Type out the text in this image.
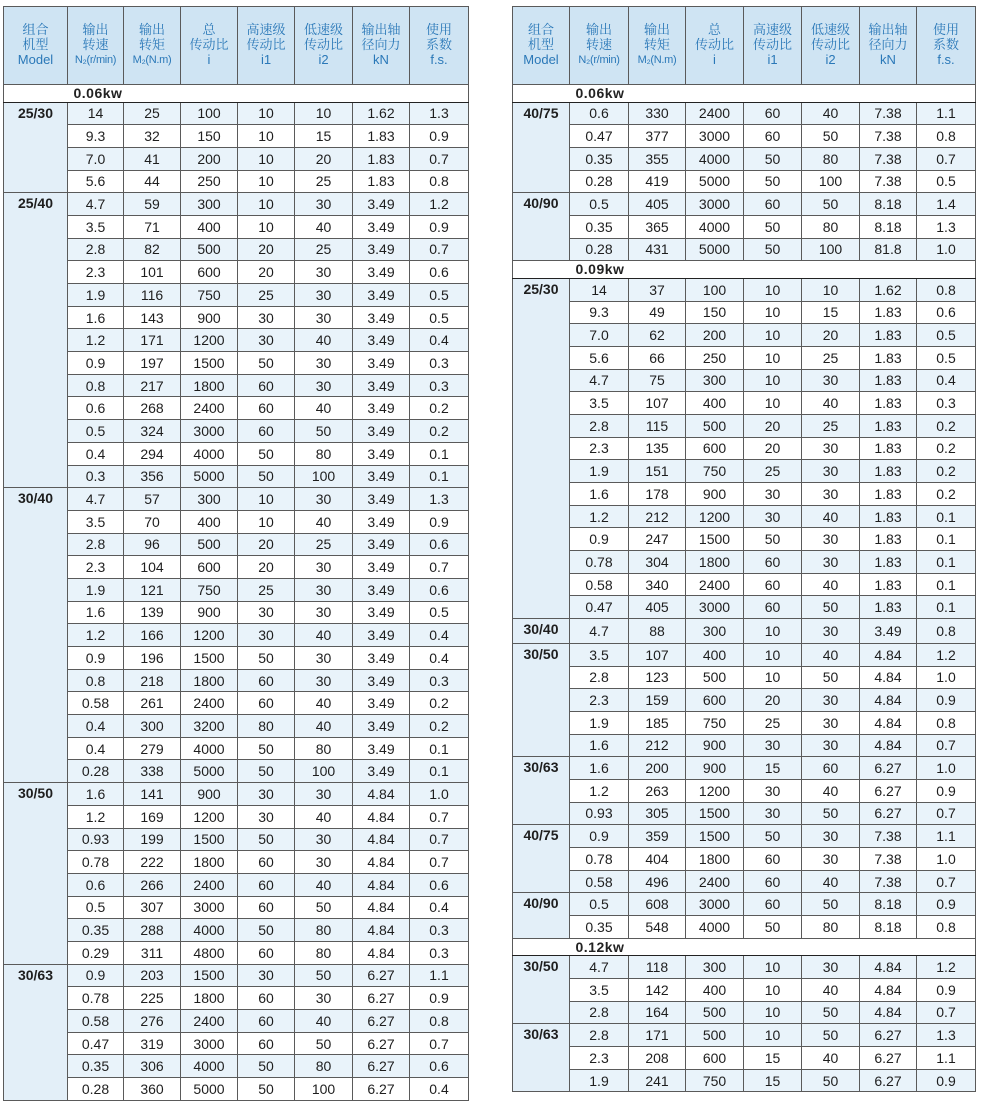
组合
机型
Model	输出
转速
N₂(r/min)	输出
转矩
M₂(N.m)	总
传动比
i	高速级
传动比
i1	低速级
传动比
i2	输出轴
径向力
kN	使用
系数
f.s.

	0.06kw						
25/30	14	25	100	10	10	1.62	1.3
	9.3	32	150	10	15	1.83	0.9
	7.0	41	200	10	20	1.83	0.7
	5.6	44	250	10	25	1.83	0.8
25/40	4.7	59	300	10	30	3.49	1.2
	3.5	71	400	10	40	3.49	0.9
	2.8	82	500	20	25	3.49	0.7
	2.3	101	600	20	30	3.49	0.6
	1.9	116	750	25	30	3.49	0.5
	1.6	143	900	30	30	3.49	0.5
	1.2	171	1200	30	40	3.49	0.4
	0.9	197	1500	50	30	3.49	0.3
	0.8	217	1800	60	30	3.49	0.3
	0.6	268	2400	60	40	3.49	0.2
	0.5	324	3000	60	50	3.49	0.2
	0.4	294	4000	50	80	3.49	0.1
	0.3	356	5000	50	100	3.49	0.1
30/40	4.7	57	300	10	30	3.49	1.3
	3.5	70	400	10	40	3.49	0.9
	2.8	96	500	20	25	3.49	0.6
	2.3	104	600	20	30	3.49	0.7
	1.9	121	750	25	30	3.49	0.6
	1.6	139	900	30	30	3.49	0.5
	1.2	166	1200	30	40	3.49	0.4
	0.9	196	1500	50	30	3.49	0.4
	0.8	218	1800	60	30	3.49	0.3
	0.58	261	2400	60	40	3.49	0.2
	0.4	300	3200	80	40	3.49	0.2
	0.4	279	4000	50	80	3.49	0.1
	0.28	338	5000	50	100	3.49	0.1
30/50	1.6	141	900	30	30	4.84	1.0
	1.2	169	1200	30	40	4.84	0.7
	0.93	199	1500	50	30	4.84	0.7
	0.78	222	1800	60	30	4.84	0.7
	0.6	266	2400	60	40	4.84	0.6
	0.5	307	3000	60	50	4.84	0.4
	0.35	288	4000	50	80	4.84	0.3
	0.29	311	4800	60	80	4.84	0.3
30/63	0.9	203	1500	30	50	6.27	1.1
	0.78	225	1800	60	30	6.27	0.9
	0.58	276	2400	60	40	6.27	0.8
	0.47	319	3000	60	50	6.27	0.7
	0.35	306	4000	50	80	6.27	0.6
	0.28	360	5000	50	100	6.27	0.4
组合
机型
Model	输出
转速
N₂(r/min)	输出
转矩
M₂(N.m)	总
传动比
i	高速级
传动比
i1	低速级
传动比
i2	输出轴
径向力
kN	使用
系数
f.s.

	0.06kw						
40/75	0.6	330	2400	60	40	7.38	1.1
	0.47	377	3000	60	50	7.38	0.8
	0.35	355	4000	50	80	7.38	0.7
	0.28	419	5000	50	100	7.38	0.5
40/90	0.5	405	3000	60	50	8.18	1.4
	0.35	365	4000	50	80	8.18	1.3
	0.28	431	5000	50	100	81.8	1.0
	0.09kw						
25/30	14	37	100	10	10	1.62	0.8
	9.3	49	150	10	15	1.83	0.6
	7.0	62	200	10	20	1.83	0.5
	5.6	66	250	10	25	1.83	0.5
	4.7	75	300	10	30	1.83	0.4
	3.5	107	400	10	40	1.83	0.3
	2.8	115	500	20	25	1.83	0.2
	2.3	135	600	20	30	1.83	0.2
	1.9	151	750	25	30	1.83	0.2
	1.6	178	900	30	30	1.83	0.2
	1.2	212	1200	30	40	1.83	0.1
	0.9	247	1500	50	30	1.83	0.1
	0.78	304	1800	60	30	1.83	0.1
	0.58	340	2400	60	40	1.83	0.1
	0.47	405	3000	60	50	1.83	0.1
30/40	4.7	88	300	10	30	3.49	0.8
30/50	3.5	107	400	10	40	4.84	1.2
	2.8	123	500	10	50	4.84	1.0
	2.3	159	600	20	30	4.84	0.9
	1.9	185	750	25	30	4.84	0.8
	1.6	212	900	30	30	4.84	0.7
30/63	1.6	200	900	15	60	6.27	1.0
	1.2	263	1200	30	40	6.27	0.9
	0.93	305	1500	30	50	6.27	0.7
40/75	0.9	359	1500	50	30	7.38	1.1
	0.78	404	1800	60	30	7.38	1.0
	0.58	496	2400	60	40	7.38	0.7
40/90	0.5	608	3000	60	50	8.18	0.9
	0.35	548	4000	50	80	8.18	0.8
	0.12kw						
30/50	4.7	118	300	10	30	4.84	1.2
	3.5	142	400	10	40	4.84	0.9
	2.8	164	500	10	50	4.84	0.7
30/63	2.8	171	500	10	50	6.27	1.3
	2.3	208	600	15	40	6.27	1.1
	1.9	241	750	15	50	6.27	0.9
